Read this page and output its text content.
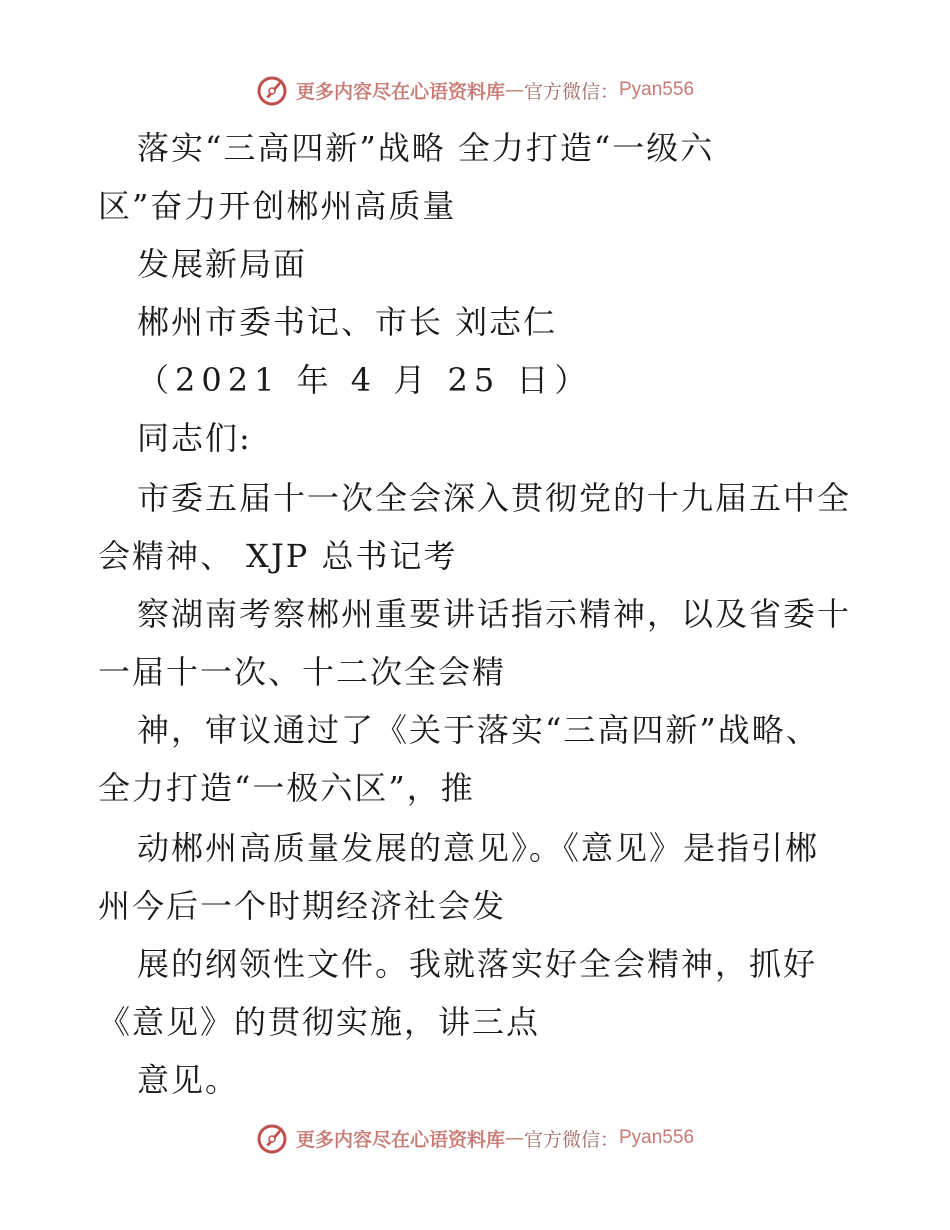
更多内容尽在心语资料库 — 官方微信： Pyan556
落实“三高四新”战略 全力打造“一级六
区”奋力开创郴州高质量
发展新局面
郴州市委书记、市长 刘志仁
（2021 年 4 月 25 日）
同志们:
市委五届十一次全会深入贯彻党的十九届五中全
会精神、 XJP 总书记考
察湖南考察郴州重要讲话指示精神，以及省委十
一届十一次、十二次全会精
神，审议通过了《关于落实“三高四新”战略、
全力打造“一极六区”，推
动郴州高质量发展的意见》。《意见》是指引郴
州今后一个时期经济社会发
展的纲领性文件。我就落实好全会精神，抓好
《意见》的贯彻实施，讲三点
意见。
更多内容尽在心语资料库 — 官方微信： Pyan556
